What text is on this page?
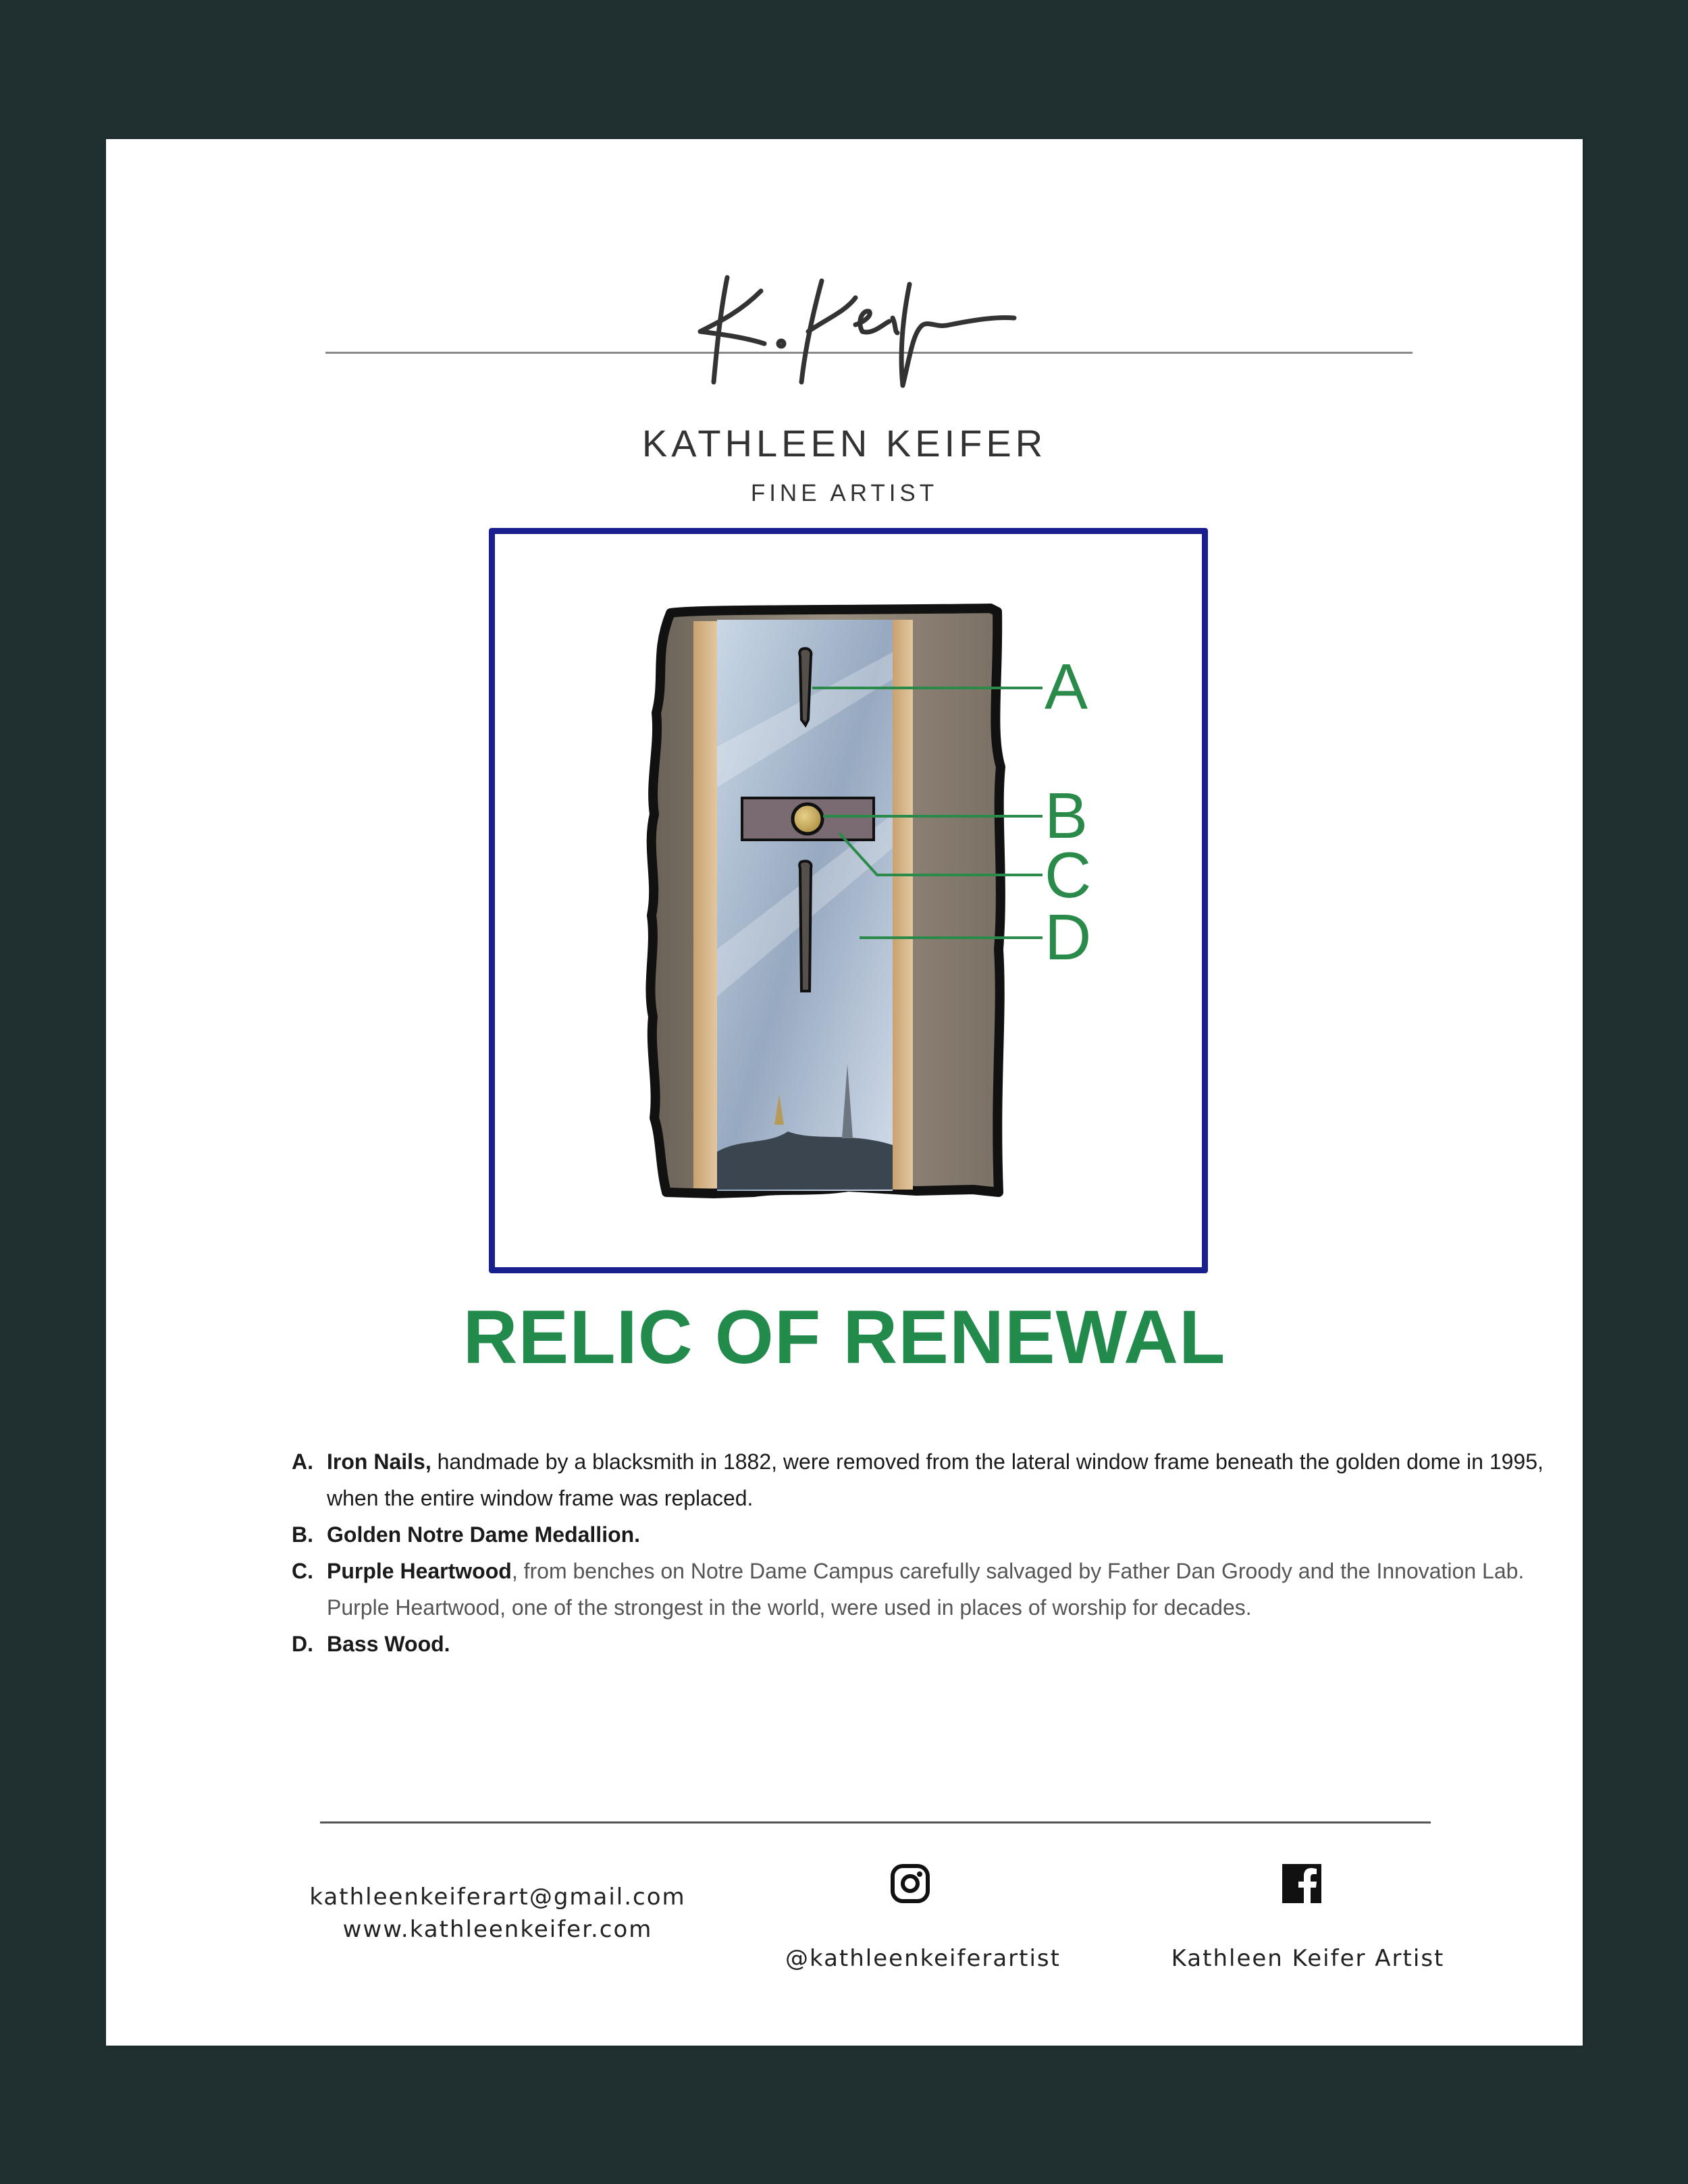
KATHLEEN KEIFER
FINE ARTIST
A
B
C
D
RELIC OF RENEWAL
A. Iron Nails, handmade by a blacksmith in 1882, were removed from the lateral window frame beneath the golden dome in 1995, when the entire window frame was replaced.
B. Golden Notre Dame Medallion.
C. Purple Heartwood, from benches on Notre Dame Campus carefully salvaged by Father Dan Groody and the Innovation Lab. Purple Heartwood, one of the strongest in the world, were used in places of worship for decades.
D. Bass Wood.
kathleenkeiferart@gmail.com
www.kathleenkeifer.com
@kathleenkeiferartist	Kathleen Keifer Artist
